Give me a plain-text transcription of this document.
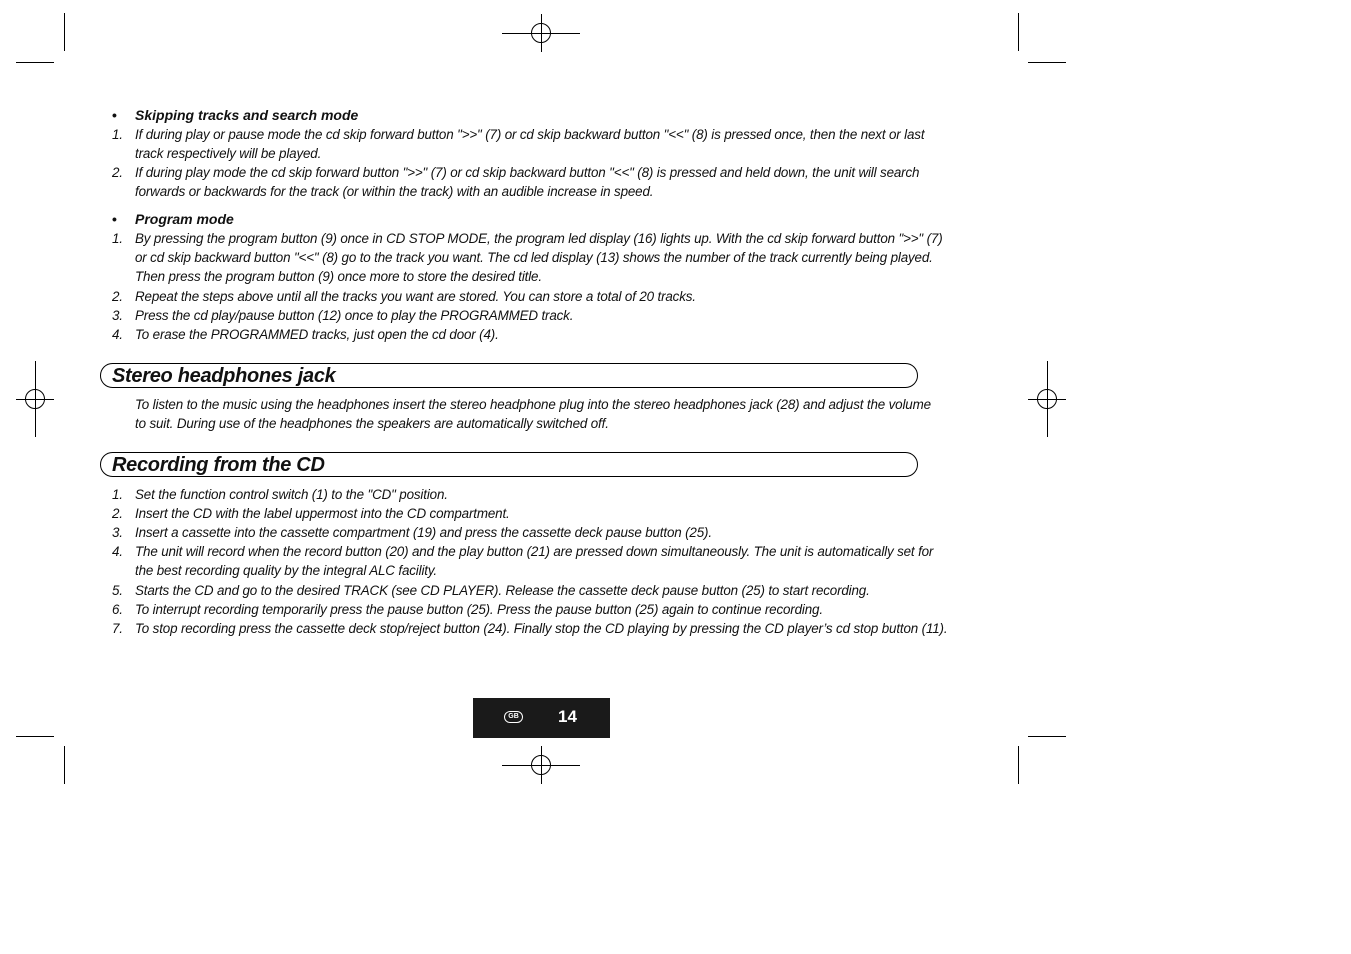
• Skipping tracks and search mode
1. If during play or pause mode the cd skip forward button ">>" (7) or cd skip backward button "<<" (8) is pressed once, then the next or last track respectively will be played.
2. If during play mode the cd skip forward button ">>" (7) or cd skip backward button "<<" (8) is pressed and held down, the unit will search forwards or backwards for the track (or within the track) with an audible increase in speed.
• Program mode
1. By pressing the program button (9) once in CD STOP MODE, the program led display (16) lights up. With the cd skip forward button ">>" (7) or cd skip backward button "<<" (8) go to the track you want. The cd led display (13) shows the number of the track currently being played. Then press the program button (9) once more to store the desired title.
2. Repeat the steps above until all the tracks you want are stored. You can store a total of 20 tracks.
3. Press the cd play/pause button (12) once to play the PROGRAMMED track.
4. To erase the PROGRAMMED tracks, just open the cd door (4).
Stereo headphones jack
To listen to the music using the headphones insert the stereo headphone plug into the stereo headphones jack (28) and adjust the volume to suit. During use of the headphones the speakers are automatically switched off.
Recording from the CD
1. Set the function control switch (1) to the "CD" position.
2. Insert the CD with the label uppermost into the CD compartment.
3. Insert a cassette into the cassette compartment (19) and press the cassette deck pause button (25).
4. The unit will record when the record button (20) and the play button (21) are pressed down simultaneously. The unit is automatically set for the best recording quality by the integral ALC facility.
5. Starts the CD and go to the desired TRACK (see CD PLAYER). Release the cassette deck pause button (25) to start recording.
6. To interrupt recording temporarily press the pause button (25). Press the pause button (25) again to continue recording.
7. To stop recording press the cassette deck stop/reject button (24). Finally stop the CD playing by pressing the CD player’s cd stop button (11).
GB 14
